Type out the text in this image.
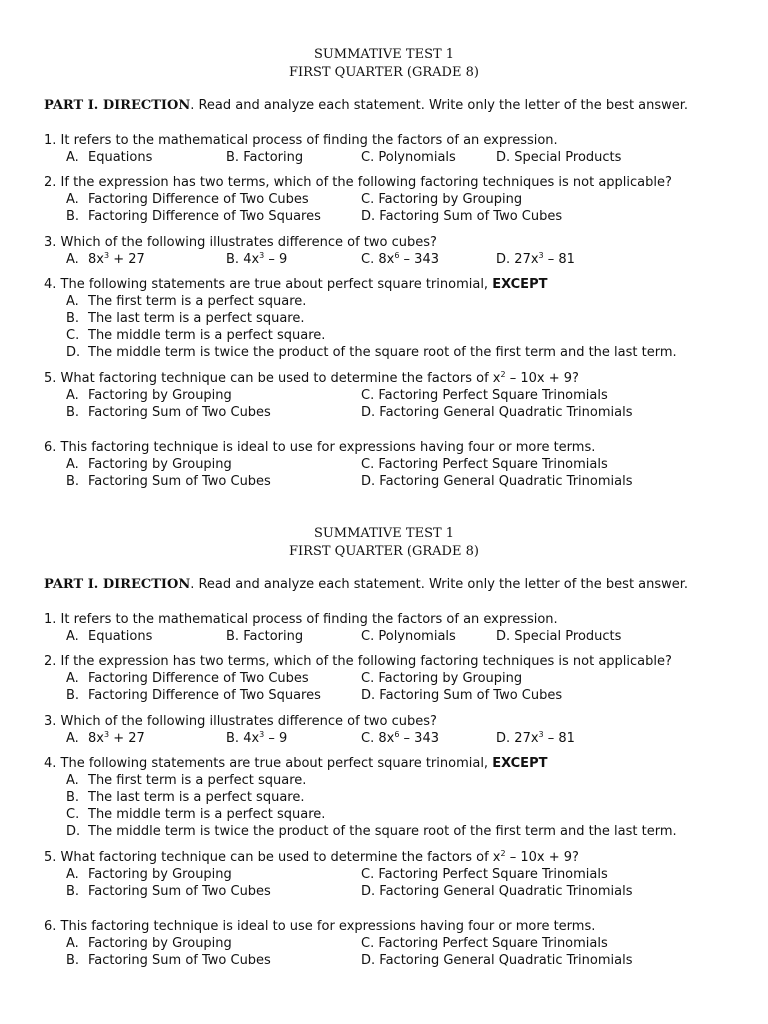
SUMMATIVE TEST 1
FIRST QUARTER (GRADE 8)
PART I. DIRECTION. Read and analyze each statement. Write only the letter of the best answer.
1. It refers to the mathematical process of finding the factors of an expression.
A. Equations	B. Factoring	C. Polynomials	D. Special Products
2. If the expression has two terms, which of the following factoring techniques is not applicable?
A. Factoring Difference of Two Cubes	C. Factoring by Grouping
B. Factoring Difference of Two Squares	D. Factoring Sum of Two Cubes
3. Which of the following illustrates difference of two cubes?
A. $8x^3 + 27$	B. $4x^3 - 9$	C. $8x^6 - 343$	D. $27x^3 - 81$
4. The following statements are true about perfect square trinomial, EXCEPT
A. The first term is a perfect square.
B. The last term is a perfect square.
C. The middle term is a perfect square.
D. The middle term is twice the product of the square root of the first term and the last term.
5. What factoring technique can be used to determine the factors of $x^2 - 10x + 9$?
A. Factoring by Grouping	C. Factoring Perfect Square Trinomials
B. Factoring Sum of Two Cubes	D. Factoring General Quadratic Trinomials
6. This factoring technique is ideal to use for expressions having four or more terms.
A. Factoring by Grouping	C. Factoring Perfect Square Trinomials
B. Factoring Sum of Two Cubes	D. Factoring General Quadratic Trinomials
SUMMATIVE TEST 1
FIRST QUARTER (GRADE 8)
PART I. DIRECTION. Read and analyze each statement. Write only the letter of the best answer.
1. It refers to the mathematical process of finding the factors of an expression.
A. Equations	B. Factoring	C. Polynomials	D. Special Products
2. If the expression has two terms, which of the following factoring techniques is not applicable?
A. Factoring Difference of Two Cubes	C. Factoring by Grouping
B. Factoring Difference of Two Squares	D. Factoring Sum of Two Cubes
3. Which of the following illustrates difference of two cubes?
A. $8x^3 + 27$	B. $4x^3 - 9$	C. $8x^6 - 343$	D. $27x^3 - 81$
4. The following statements are true about perfect square trinomial, EXCEPT
A. The first term is a perfect square.
B. The last term is a perfect square.
C. The middle term is a perfect square.
D. The middle term is twice the product of the square root of the first term and the last term.
5. What factoring technique can be used to determine the factors of $x^2 - 10x + 9$?
A. Factoring by Grouping	C. Factoring Perfect Square Trinomials
B. Factoring Sum of Two Cubes	D. Factoring General Quadratic Trinomials
6. This factoring technique is ideal to use for expressions having four or more terms.
A. Factoring by Grouping	C. Factoring Perfect Square Trinomials
B. Factoring Sum of Two Cubes	D. Factoring General Quadratic Trinomials
